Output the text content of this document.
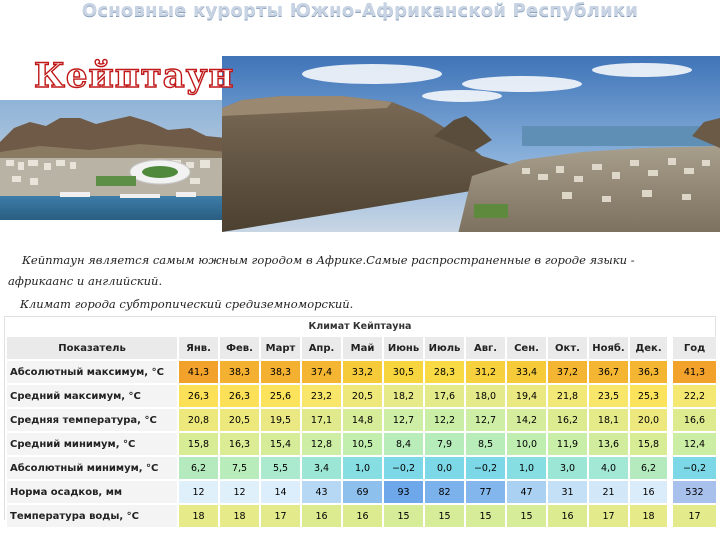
Основные курорты Южно-Африканской Республики
Кейптаун
Кейптаун является самым южным городом в Африке.Самые распространенные в городе языки - африкаанс и английский.
Климат города субтропический средиземноморский.
Климат Кейптауна
Показатель	Янв.	Фев.	Март	Апр.	Май	Июнь	Июль	Авг.	Сен.	Окт.	Нояб.	Дек.	Год
Абсолютный максимум, °C	41,3	38,3	38,3	37,4	33,2	30,5	28,3	31,2	33,4	37,2	36,7	36,3	41,3
Средний максимум, °C	26,3	26,3	25,6	23,2	20,5	18,2	17,6	18,0	19,4	21,8	23,5	25,3	22,2
Средняя температура, °C	20,8	20,5	19,5	17,1	14,8	12,7	12,2	12,7	14,2	16,2	18,1	20,0	16,6
Средний минимум, °C	15,8	16,3	15,4	12,8	10,5	8,4	7,9	8,5	10,0	11,9	13,6	15,8	12,4
Абсолютный минимум, °C	6,2	7,5	5,5	3,4	1,0	−0,2	0,0	−0,2	1,0	3,0	4,0	6,2	−0,2
Норма осадков, мм	12	12	14	43	69	93	82	77	47	31	21	16	532
Температура воды, °C	18	18	17	16	16	15	15	15	15	16	17	18	17
